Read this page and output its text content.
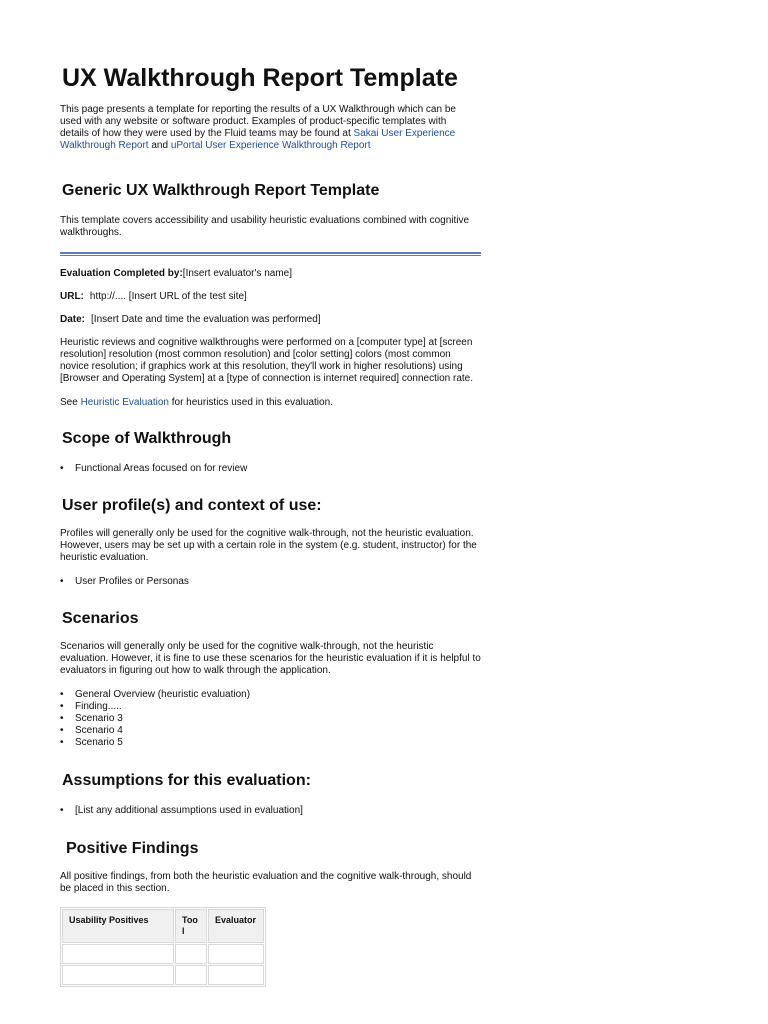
UX Walkthrough Report Template

This page presents a template for reporting the results of a UX Walkthrough which can be used with any website or software product. Examples of product-specific templates with details of how they were used by the Fluid teams may be found at Sakai User Experience Walkthrough Report and uPortal User Experience Walkthrough Report

Generic UX Walkthrough Report Template

This template covers accessibility and usability heuristic evaluations combined with cognitive walkthroughs.

Evaluation Completed by:[Insert evaluator's name]

URL: http://.... [Insert URL of the test site]

Date: [Insert Date and time the evaluation was performed]

Heuristic reviews and cognitive walkthroughs were performed on a [computer type] at [screen resolution] resolution (most common resolution) and [color setting] colors (most common novice resolution; if graphics work at this resolution, they'll work in higher resolutions) using [Browser and Operating System] at a [type of connection is internet required] connection rate.

See Heuristic Evaluation for heuristics used in this evaluation.

Scope of Walkthrough
• Functional Areas focused on for review
User profile(s) and context of use:

Profiles will generally only be used for the cognitive walk-through, not the heuristic evaluation. However, users may be set up with a certain role in the system (e.g. student, instructor) for the heuristic evaluation.

• User Profiles or Personas
Scenarios

Scenarios will generally only be used for the cognitive walk-through, not the heuristic evaluation. However, it is fine to use these scenarios for the heuristic evaluation if it is helpful to evaluators in figuring out how to walk through the application.

• General Overview (heuristic evaluation)
• Finding.....
• Scenario 3
• Scenario 4
• Scenario 5
Assumptions for this evaluation:
• [List any additional assumptions used in evaluation]
Positive Findings

All positive findings, from both the heuristic evaluation and the cognitive walk-through, should be placed in this section.

Usability Positives	Too l	Evaluator
